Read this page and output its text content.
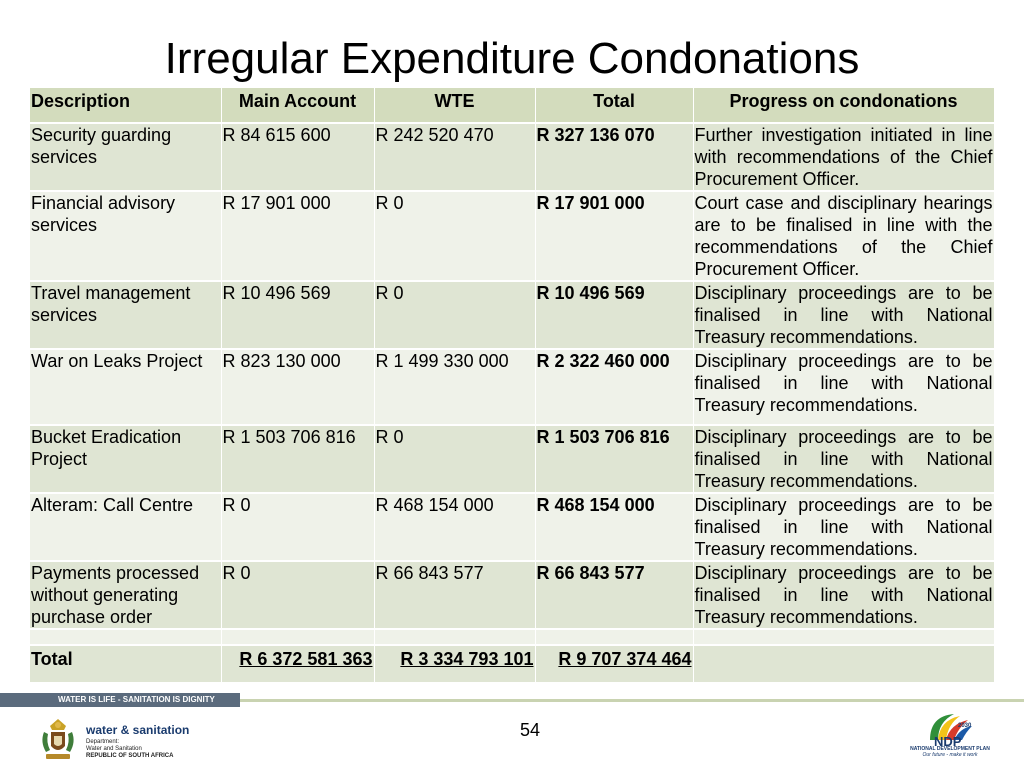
Irregular Expenditure Condonations
Description	Main Account	WTE	Total	Progress on condonations
Security guarding services	R 84 615 600	R 242 520 470	R 327 136 070	Further investigation initiated in line with recommendations of the Chief Procurement Officer.
Financial advisory services	R 17 901 000	R 0	R 17 901 000	Court case and disciplinary hearings are to be finalised in line with the recommendations of the Chief Procurement Officer.
Travel management services	R 10 496 569	R 0	R 10 496 569	Disciplinary proceedings are to be finalised in line with National Treasury recommendations.
War on Leaks Project	R 823 130 000	R 1 499 330 000	R 2 322 460 000	Disciplinary proceedings are to be finalised in line with National Treasury recommendations.
Bucket Eradication Project	R 1 503 706 816	R 0	R 1 503 706 816	Disciplinary proceedings are to be finalised in line with National Treasury recommendations.
Alteram: Call Centre	R 0	R 468 154 000	R 468 154 000	Disciplinary proceedings are to be finalised in line with National Treasury recommendations.
Payments processed without generating purchase order	R 0	R 66 843 577	R 66 843 577	Disciplinary proceedings are to be finalised in line with National Treasury recommendations.

Total	R 6 372 581 363	R 3 334 793 101	R 9 707 374 464	
WATER IS LIFE - SANITATION IS DIGNITY
water & sanitation
Department:
Water and Sanitation
REPUBLIC OF SOUTH AFRICA
54	2030
NDP
NATIONAL DEVELOPMENT PLAN
Our future - make it work
